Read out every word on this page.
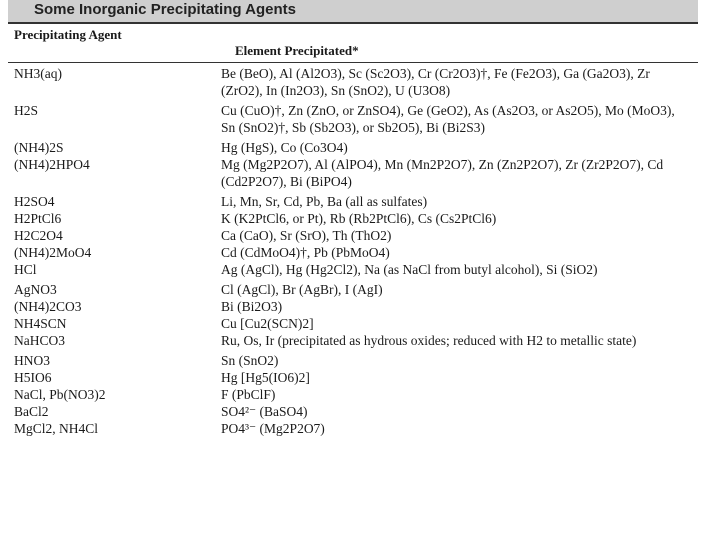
Some Inorganic Precipitating Agents
Precipitating Agent
Element Precipitated*
NH3(aq)	Be (BeO), Al (Al2O3), Sc (Sc2O3), Cr (Cr2O3)†, Fe (Fe2O3), Ga (Ga2O3), Zr (ZrO2), In (In2O3), Sn (SnO2), U (U3O8)
H2S	Cu (CuO)†, Zn (ZnO, or ZnSO4), Ge (GeO2), As (As2O3, or As2O5), Mo (MoO3), Sn (SnO2)†, Sb (Sb2O3), or Sb2O5), Bi (Bi2S3)
(NH4)2S	Hg (HgS), Co (Co3O4)
(NH4)2HPO4	Mg (Mg2P2O7), Al (AlPO4), Mn (Mn2P2O7), Zn (Zn2P2O7), Zr (Zr2P2O7), Cd (Cd2P2O7), Bi (BiPO4)
H2SO4	Li, Mn, Sr, Cd, Pb, Ba (all as sulfates)
H2PtCl6	K (K2PtCl6, or Pt), Rb (Rb2PtCl6), Cs (Cs2PtCl6)
H2C2O4	Ca (CaO), Sr (SrO), Th (ThO2)
(NH4)2MoO4	Cd (CdMoO4)†, Pb (PbMoO4)
HCl	Ag (AgCl), Hg (Hg2Cl2), Na (as NaCl from butyl alcohol), Si (SiO2)
AgNO3	Cl (AgCl), Br (AgBr), I (AgI)
(NH4)2CO3	Bi (Bi2O3)
NH4SCN	Cu [Cu2(SCN)2]
NaHCO3	Ru, Os, Ir (precipitated as hydrous oxides; reduced with H2 to metallic state)
HNO3	Sn (SnO2)
H5IO6	Hg [Hg5(IO6)2]
NaCl, Pb(NO3)2	F (PbClF)
BaCl2	SO4²⁻ (BaSO4)
MgCl2, NH4Cl	PO4³⁻ (Mg2P2O7)
